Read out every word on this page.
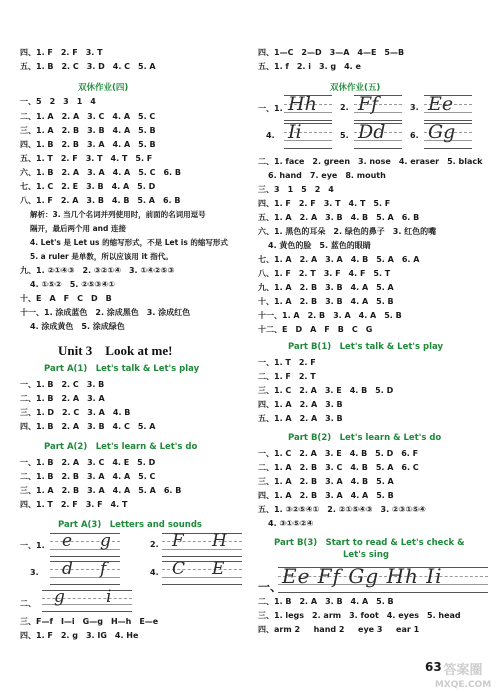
四、1. F　2. F　3. T
五、1. B　2. C　3. D　4. C　5. A
双休作业(四)
一、5　2　3　1　4
二、1. A　2. A　3. C　4. A　5. C
三、1. A　2. B　3. B　4. A　5. B
四、1. B　2. B　3. A　4. A　5. B
五、1. T　2. F　3. T　4. T　5. F
六、1. B　2. A　3. A　4. A　5. C　6. B
七、1. C　2. E　3. B　4. A　5. D
八、1. F　2. A　3. B　4. B　5. A　6. B
解析：3. 当几个名词并列使用时，前面的名词用逗号
隔开，最后两个用 and 连接
4. Let's 是 Let us 的缩写形式，不是 Let is 的缩写形式
5. a ruler 是单数，所以应该用 it 指代。
九、1. ②①④③　2. ③②①④　3. ①④②⑤③
4. ①⑤②　5. ②⑤③④①
十、E　A　F　C　D　B
十一、1. 涂成蓝色　2. 涂成黑色　3. 涂成红色
4. 涂成黄色　5. 涂成绿色
Unit 3　Look at me!
Part A(1)　Let's talk & Let's play
一、1. B　2. C　3. B
二、1. B　2. A　3. A
三、1. D　2. C　3. A　4. B
四、1. B　2. A　3. B　4. C　5. A
Part A(2)　Let's learn & Let's do
一、1. B　2. A　3. C　4. E　5. D
二、1. B　2. B　3. A　4. A　5. C
三、1. A　2. B　3. A　4. A　5. A　6. B
四、1. T　2. F　3. F　4. T
Part A(3)　Letters and sounds
一、1. e g	2. F H
3. d f	4. C E
二、 g i
三、F—f　I—i　G—g　H—h　E—e
四、1. F　2. g　3. IG　4. He
四、1—C　2—D　3—A　4—E　5—B
五、1. f　2. i　3. g　4. e
双休作业(五)
一、1. Hh	2. Ff	3. Ee
4. Ii	5. Dd	6. Gg
二、1. face　2. green　3. nose　4. eraser　5. black
6. hand　7. eye　8. mouth
三、3　1　5　2　4
四、1. F　2. F　3. T　4. T　5. F
五、1. A　2. A　3. B　4. B　5. A　6. B
六、1. 黑色的耳朵　2. 绿色的鼻子　3. 红色的嘴
4. 黄色的脸　5. 蓝色的眼睛
七、1. A　2. A　3. A　4. B　5. A　6. A
八、1. F　2. T　3. F　4. F　5. T
九、1. A　2. B　3. B　4. A　5. A
十、1. A　2. B　3. B　4. A　5. B
十一、1. A　2. B　3. A　4. A　5. B
十二、E　D　A　F　B　C　G
Part B(1)　Let's talk & Let's play
一、1. T　2. F
二、1. F　2. T
三、1. C　2. A　3. E　4. B　5. D
四、1. A　2. A　3. B
五、1. A　2. A　3. B
Part B(2)　Let's learn & Let's do
一、1. C　2. A　3. E　4. B　5. D　6. F
二、1. A　2. B　3. C　4. B　5. A　6. C
三、1. A　2. B　3. A　4. B　5. A
四、1. A　2. B　3. A　4. A　5. B
五、1. ③②⑤④①　2. ②①⑤④③　3. ②③①⑤④
4. ③①⑤②④
Part B(3)　Start to read & Let's check &
Let's sing
一、 Ee Ff Gg Hh Ii
二、1. B　2. A　3. B　4. A　5. B
三、1. legs　2. arm　3. foot　4. eyes　5. head
四、arm 2 　 hand 2 　 eye 3 　 ear 1
63 答案圈
MXQE.COM
